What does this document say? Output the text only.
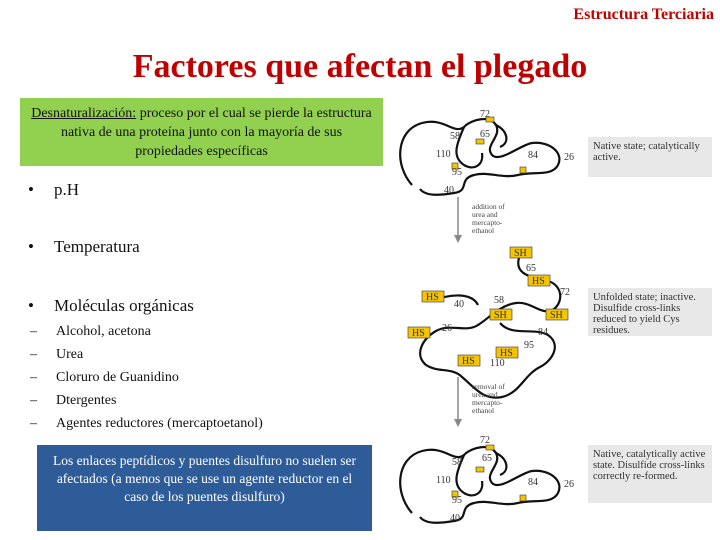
Estructura Terciaria
Factores que afectan el plegado
Desnaturalización: proceso por el cual se pierde la estructura nativa de una proteína junto con la mayoría de sus propiedades específicas
• p.H
• Temperatura
• Moléculas orgánicas
– Alcohol, acetona
– Urea
– Cloruro de Guanidino
– Dtergentes
– Agentes reductores (mercaptoetanol)
Los enlaces peptídicos y puentes disulfuro no suelen ser afectados (a menos que se use un agente reductor en el caso de los puentes disulfuro)
72
58 65
110	84	26
95
40
addition of
urea and
mercapto-
ethanol
SH
65
HS
72
HS
40	58
SH	SH
26
HS	84
95
HS
HS 110
removal of
urea and
mercapto-
ethanol
72
58 65
110	84	26
95
40
Native state; catalytically active.
Unfolded state; inactive. Disulfide cross-links reduced to yield Cys residues.
Native, catalytically active state. Disulfide cross-links correctly re-formed.
